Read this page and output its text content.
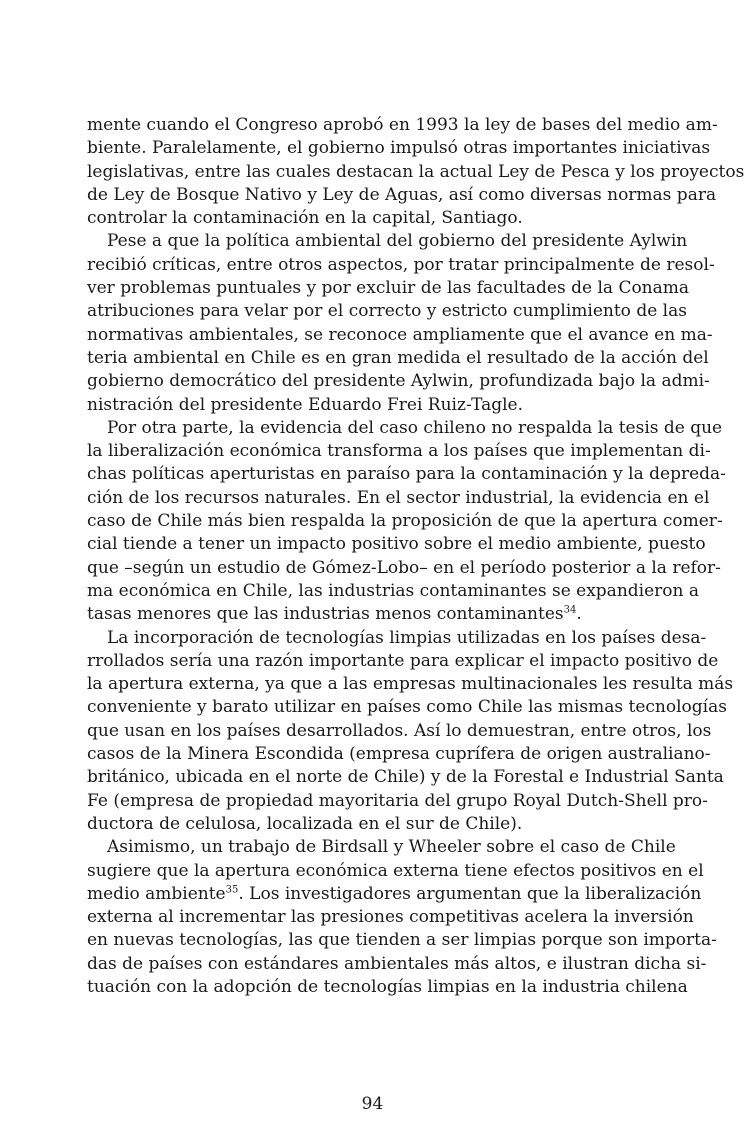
mente cuando el Congreso aprobó en 1993 la ley de bases del medio am-
biente. Paralelamente, el gobierno impulsó otras importantes iniciativas
legislativas, entre las cuales destacan la actual Ley de Pesca y los proyectos
de Ley de Bosque Nativo y Ley de Aguas, así como diversas normas para
controlar la contaminación en la capital, Santiago.
Pese a que la política ambiental del gobierno del presidente Aylwin
recibió críticas, entre otros aspectos, por tratar principalmente de resol-
ver problemas puntuales y por excluir de las facultades de la Conama
atribuciones para velar por el correcto y estricto cumplimiento de las
normativas ambientales, se reconoce ampliamente que el avance en ma-
teria ambiental en Chile es en gran medida el resultado de la acción del
gobierno democrático del presidente Aylwin, profundizada bajo la admi-
nistración del presidente Eduardo Frei Ruiz-Tagle.
Por otra parte, la evidencia del caso chileno no respalda la tesis de que
la liberalización económica transforma a los países que implementan di-
chas políticas aperturistas en paraíso para la contaminación y la depreda-
ción de los recursos naturales. En el sector industrial, la evidencia en el
caso de Chile más bien respalda la proposición de que la apertura comer-
cial tiende a tener un impacto positivo sobre el medio ambiente, puesto
que –según un estudio de Gómez-Lobo– en el período posterior a la refor-
ma económica en Chile, las industrias contaminantes se expandieron a
tasas menores que las industrias menos contaminantes$^{34}$.
La incorporación de tecnologías limpias utilizadas en los países desa-
rrollados sería una razón importante para explicar el impacto positivo de
la apertura externa, ya que a las empresas multinacionales les resulta más
conveniente y barato utilizar en países como Chile las mismas tecnologías
que usan en los países desarrollados. Así lo demuestran, entre otros, los
casos de la Minera Escondida (empresa cuprífera de origen australiano-
británico, ubicada en el norte de Chile) y de la Forestal e Industrial Santa
Fe (empresa de propiedad mayoritaria del grupo Royal Dutch-Shell pro-
ductora de celulosa, localizada en el sur de Chile).
Asimismo, un trabajo de Birdsall y Wheeler sobre el caso de Chile
sugiere que la apertura económica externa tiene efectos positivos en el
medio ambiente$^{35}$. Los investigadores argumentan que la liberalización
externa al incrementar las presiones competitivas acelera la inversión
en nuevas tecnologías, las que tienden a ser limpias porque son importa-
das de países con estándares ambientales más altos, e ilustran dicha si-
tuación con la adopción de tecnologías limpias en la industria chilena
94
